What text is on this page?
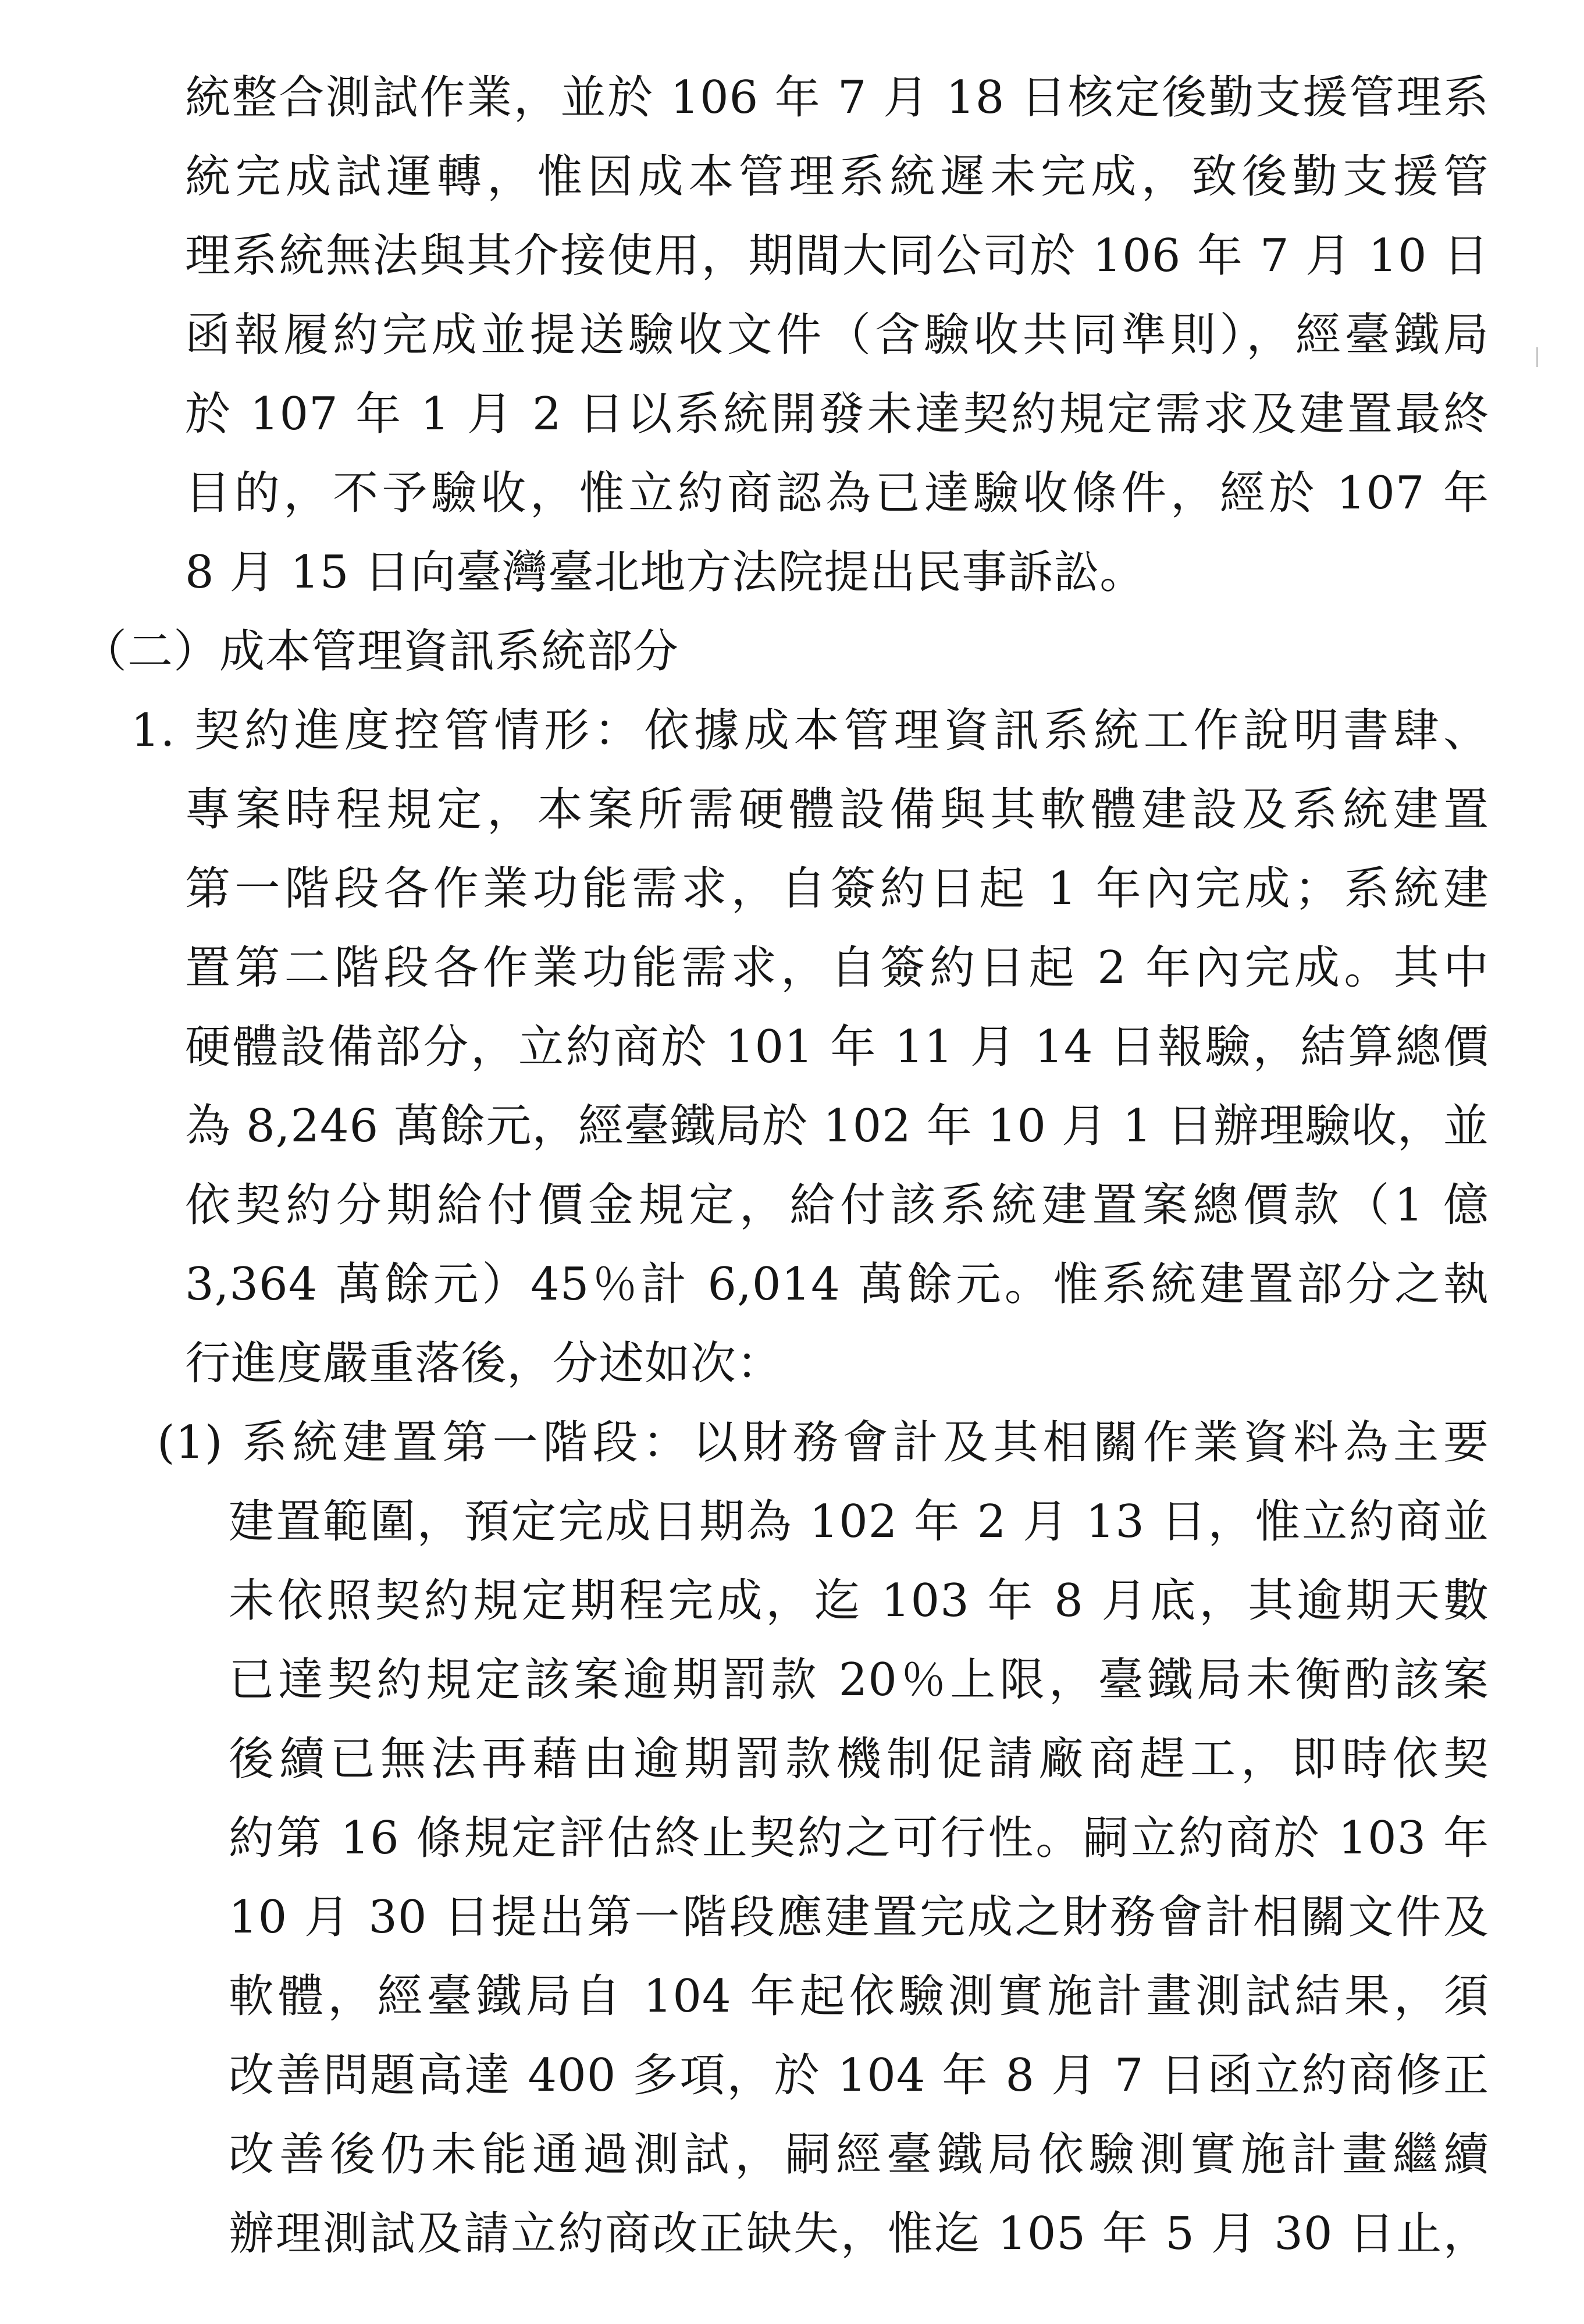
統整合測試作業，並於 106 年 7 月 18 日核定後勤支援管理系
統完成試運轉，惟因成本管理系統遲未完成，致後勤支援管
理系統無法與其介接使用，期間大同公司於 106 年 7 月 10 日
函報履約完成並提送驗收文件（含驗收共同準則），經臺鐵局
於 107 年 1 月 2 日以系統開發未達契約規定需求及建置最終
目的，不予驗收，惟立約商認為已達驗收條件，經於 107 年
8 月 15 日向臺灣臺北地方法院提出民事訴訟。
（二）成本管理資訊系統部分
1. 契約進度控管情形：依據成本管理資訊系統工作說明書肆、
專案時程規定，本案所需硬體設備與其軟體建設及系統建置
第一階段各作業功能需求，自簽約日起 1 年內完成；系統建
置第二階段各作業功能需求，自簽約日起 2 年內完成。其中
硬體設備部分，立約商於 101 年 11 月 14 日報驗，結算總價
為 8,246 萬餘元，經臺鐵局於 102 年 10 月 1 日辦理驗收，並
依契約分期給付價金規定，給付該系統建置案總價款（1 億
3,364 萬餘元）45％計 6,014 萬餘元。惟系統建置部分之執
行進度嚴重落後，分述如次：
(1) 系統建置第一階段：以財務會計及其相關作業資料為主要
建置範圍，預定完成日期為 102 年 2 月 13 日，惟立約商並
未依照契約規定期程完成，迄 103 年 8 月底，其逾期天數
已達契約規定該案逾期罰款 20％上限，臺鐵局未衡酌該案
後續已無法再藉由逾期罰款機制促請廠商趕工，即時依契
約第 16 條規定評估終止契約之可行性。嗣立約商於 103 年
10 月 30 日提出第一階段應建置完成之財務會計相關文件及
軟體，經臺鐵局自 104 年起依驗測實施計畫測試結果，須
改善問題高達 400 多項，於 104 年 8 月 7 日函立約商修正
改善後仍未能通過測試，嗣經臺鐵局依驗測實施計畫繼續
辦理測試及請立約商改正缺失，惟迄 105 年 5 月 30 日止，
